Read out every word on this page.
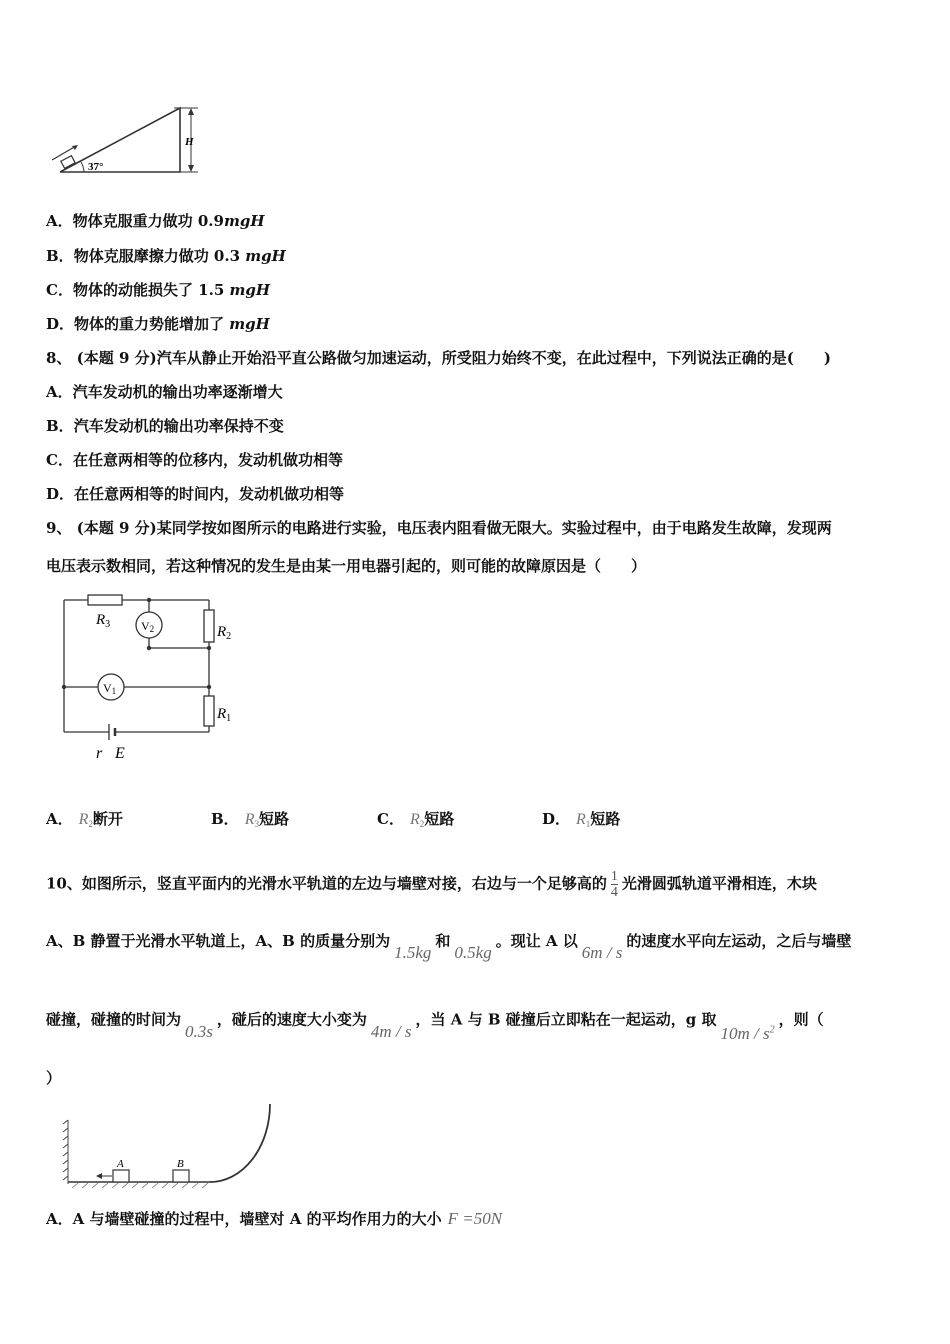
H
37°
A．物体克服重力做功 0.9mgH
B．物体克服摩擦力做功 0.3 mgH
C．物体的动能损失了 1.5 mgH
D．物体的重力势能增加了 mgH
8、 (本题 9 分)汽车从静止开始沿平直公路做匀加速运动，所受阻力始终不变，在此过程中，下列说法正确的是(　　)
A．汽车发动机的输出功率逐渐增大
B．汽车发动机的输出功率保持不变
C．在任意两相等的位移内，发动机做功相等
D．在任意两相等的时间内，发动机做功相等
9、 (本题 9 分)某同学按如图所示的电路进行实验，电压表内阻看做无限大。实验过程中，由于电路发生故障，发现两
电压表示数相同，若这种情况的发生是由某一用电器引起的，则可能的故障原因是（　　）
$R_3$	V2	$R_2$
V1
$R_1$
r E
A． $R_2$断开	B． $R_3$短路	C． $R_2$短路	D． $R_1$短路
10、如图所示，竖直平面内的光滑水平轨道的左边与墙壁对接，右边与一个足够高的 $\frac{1}{4}$ 光滑圆弧轨道平滑相连，木块
A、B 静置于光滑水平轨道上，A、B 的质量分别为1.5kg和0.5kg。现让 A 以6m / s的速度水平向左运动，之后与墙壁
碰撞，碰撞的时间为0.3s，碰后的速度大小变为4m / s，当 A 与 B 碰撞后立即粘在一起运动，g 取$10m / s^2$，则（
）
A	B
A．A 与墙壁碰撞的过程中，墙壁对 A 的平均作用力的大小 F =50N
